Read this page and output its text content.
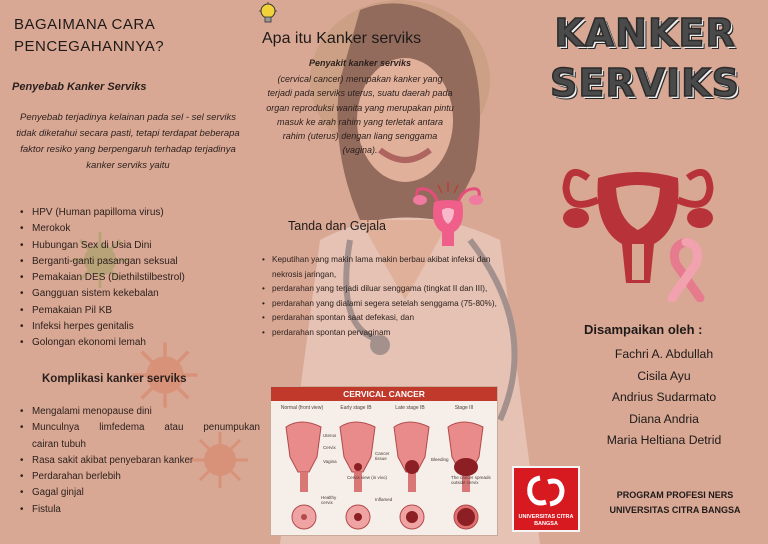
BAGAIMANA CARA PENCEGAHANNYA?
Penyebab Kanker Serviks
Penyebab terjadinya kelainan pada sel - sel serviks tidak diketahui secara pasti, tetapi terdapat beberapa faktor resiko yang berpengaruh terhadap terjadinya kanker serviks yaitu
• HPV (Human papilloma virus)
• Merokok
• Hubungan Sex di Usia Dini
• Berganti-ganti pasangan seksual
• Pemakaian DES (Diethilstilbestrol)
• Gangguan sistem kekebalan
• Pemakaian Pil KB
• Infeksi herpes genitalis
• Golongan ekonomi lemah
Komplikasi kanker serviks
• Mengalami menopause dini
• Munculnya limfedema atau penumpukan
cairan tubuh
• Rasa sakit akibat penyebaran kanker
• Perdarahan berlebih
• Gagal ginjal
• Fistula
Apa itu Kanker serviks
Penyakit kanker serviks
(cervical cancer) merupakan kanker yang terjadi pada serviks uterus, suatu daerah pada organ reproduksi wanita yang merupakan pintu masuk ke arah rahim yang terletak antara rahim (uterus) dengan liang senggama (vagina).
Tanda dan Gejala
• Keputihan yang makin lama makin berbau akibat infeksi dan nekrosis jaringan,
• perdarahan yang terjadi diluar senggama (tingkat II dan III),
• perdarahan yang dialami segera setelah senggama (75-80%),
• perdarahan spontan saat defekasi, dan
• perdarahan spontan pervaginam
CERVICAL CANCER
Normal (front view)	Early stage IB	Late stage IB	Stage III
Uterus
Cervix
Vagina
Cancer tissue	Bleeding
The cancer spreads outside cervix
Cervix view (in vivo)
Healthy cervix
Inflamed
KANKER
SERVIKS
Disampaikan oleh :
Fachri A. Abdullah
Cisila Ayu
Andrius Sudarmato
Diana Andria
Maria Heltiana Detrid
UNIVERSITAS CITRA BANGSA
PROGRAM PROFESI NERS
UNIVERSITAS CITRA BANGSA
